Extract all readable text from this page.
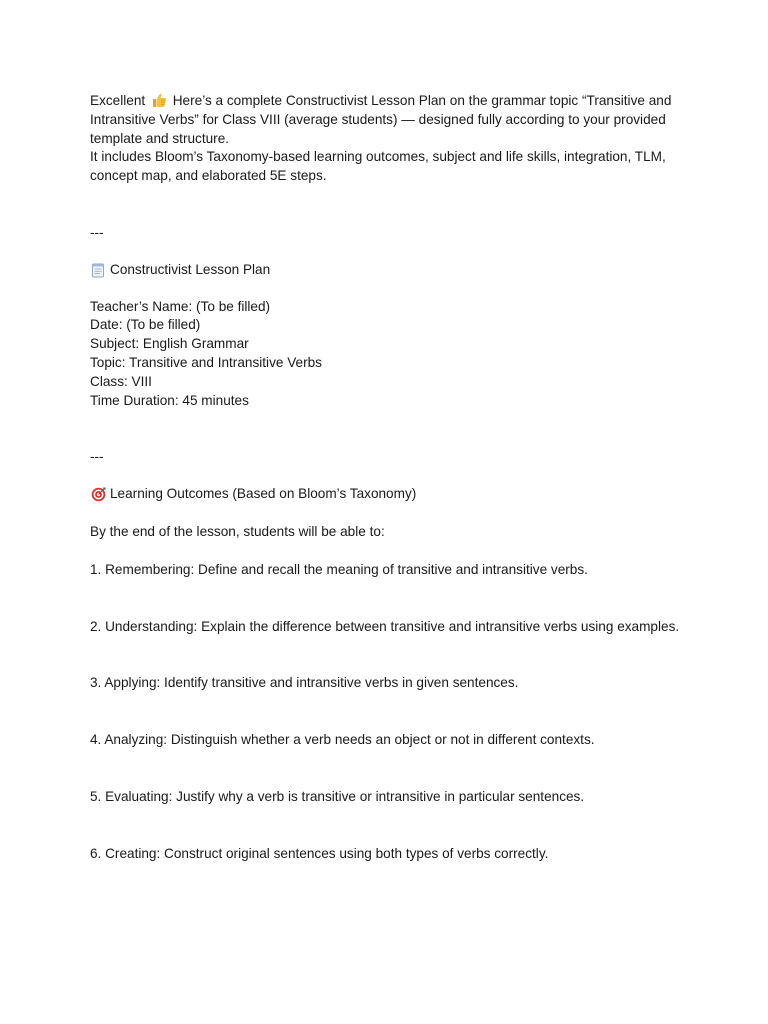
Excellent  Here’s a complete Constructivist Lesson Plan on the grammar topic “Transitive and Intransitive Verbs” for Class VIII (average students) — designed fully according to your provided template and structure.
It includes Bloom’s Taxonomy-based learning outcomes, subject and life skills, integration, TLM, concept map, and elaborated 5E steps.
---
Constructivist Lesson Plan
Teacher’s Name: (To be filled)
Date: (To be filled)
Subject: English Grammar
Topic: Transitive and Intransitive Verbs
Class: VIII
Time Duration: 45 minutes
---
Learning Outcomes (Based on Bloom’s Taxonomy)
By the end of the lesson, students will be able to:
1. Remembering: Define and recall the meaning of transitive and intransitive verbs.
2. Understanding: Explain the difference between transitive and intransitive verbs using examples.
3. Applying: Identify transitive and intransitive verbs in given sentences.
4. Analyzing: Distinguish whether a verb needs an object or not in different contexts.
5. Evaluating: Justify why a verb is transitive or intransitive in particular sentences.
6. Creating: Construct original sentences using both types of verbs correctly.
